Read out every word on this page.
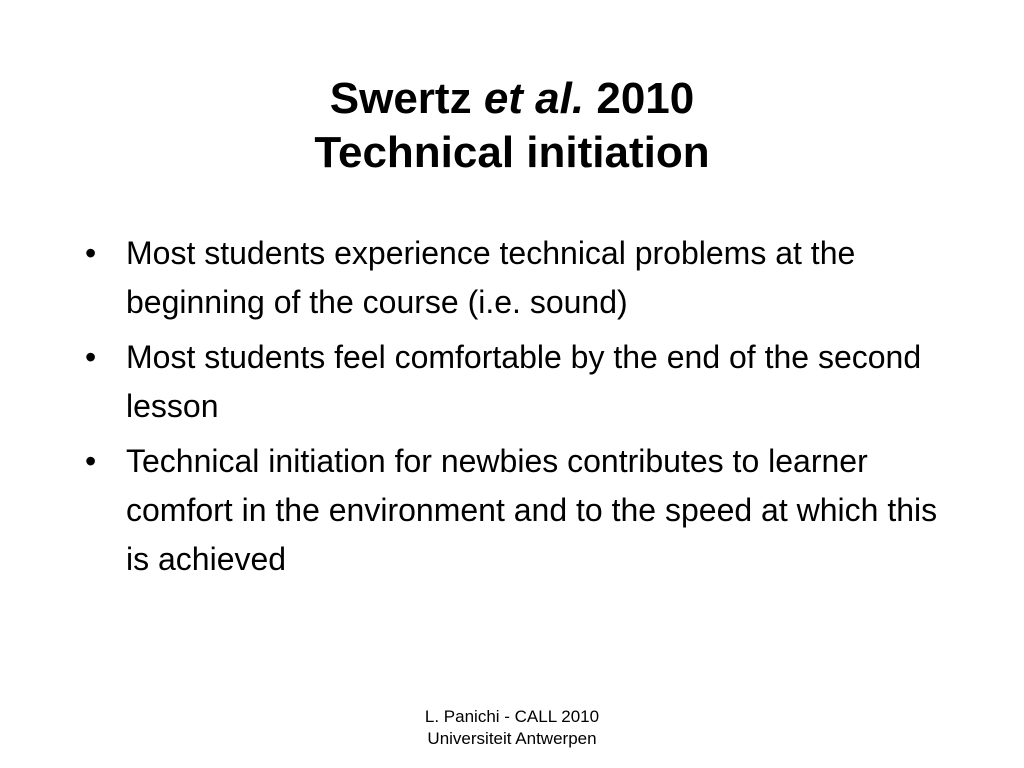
Swertz et al. 2010
Technical initiation
• Most students experience technical problems at the beginning of the course (i.e. sound)
• Most students feel comfortable by the end of the second lesson
• Technical initiation for newbies contributes to learner comfort in the environment and to the speed at which this is achieved
L. Panichi - CALL 2010
Universiteit Antwerpen
